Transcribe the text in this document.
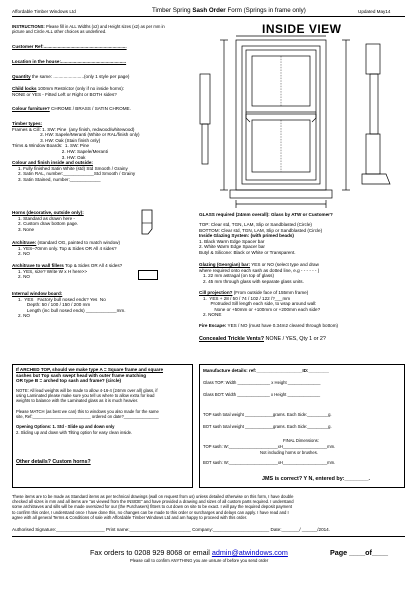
Affordable Timber Windows Ltd	Timber Spring Sash Order Form (Springs in frame only)	Updated May14
INSTRUCTIONS: Please fill in ALL Widths (x2) and Height sizes (x2) as per mm in
picture and Circle ALL other choices as underlined.
Customer Ref:.................................................................
Location in the house:...................................................
Quantity the same: ........................(only 1 style per page)
Child locks 100mm Restrictor (only if no inside horns):
NONE or YES - Fitted Left or Right or BOTH sides?
Colour furniture? CHROME / BRASS / SATIN CHROME.
Timber types:
Frames & Cill: 1. SW: Pine  (any finish, redwood/whitewood)
2. HW: Sapele/Meranti (White or RAL/finish only)
3. HW: Oak (Stain finish only)
Trims & Window Boards:  1. SW: Pine
2. HW: Sapele/Meranti
3. HW: Oak
Colour and finish inside and outside:
1. Fully finished Satin White (std) Std Smooth / Grainy
2. Satin RAL, number:____________Std Smooth / Grainy
3. Satin Stained, number:____________
Horns (decorative, outside only):
1. Standard as drawn here -
2. Custom draw bottom page.
3. None
Architrave: (standard OG, painted to match window)
1. YES–70mm only. Top & Sides OR All 4 sides?
2. NO
Architrave to wall fillers Top & Sides OR All 4 sides?
1. YES, size? Write W x H here>>
2. NO
Internal window board:
1.  YES   Factory bull nosed ends? Yes  No
Depth: 50 / 100 / 150 / 200 mm
Length (inc bull nosed ends) ____________mm.
2. NO
INSIDE VIEW
GLASS required (24mm overall): Glass by ATW or Customer?
TOP: Clear std, TGN, LAM, Slip or Sandblasted (Circle)
BOTTOM: Clear std, TGN, LAM, Slip or Sandblasted (Circle)
Inside Glazing System: (with primed beads)
1. Black Warm Edge Spacer bar
2. White Warm Edge Spacer bar
Butyl & Silicone: Black or White or Transparent.
Glazing (Georgian) bar: YES or NO (select type and draw
where required onto each sash as dotted line, e.g - - - - - - )
1. 22 mm astragal (on top of glass)
2. 45 mm through glass with separate glass units.
Cill projection? (From outside face of 155mm frame)
1.  YES + 28 / 50 / 74 / 102 / 122 /?___mm
Protruded Sill length each side, to wrap around wall:
None or +50mm or +100mm or +200mm each side?
2. NONE
Fire Escape: YES / NO (must have 0.34m2 cleared through bottom)
Concealed Trickle Vents? NONE / YES, Qty 1 or 2?
If ARCHED TOP, should we make type A = Square frame and square
sashes but Top sash swept head with outer frame matching
OR type B = arched top sash and frame? (circle)
NOTE: All lead weights will be made to allow 4-16-4 (24mm over all) glass, if
using Laminated please make sure you tell us where to allow extra for lead
weights to balance with the Laminated glass as it is much heavier.

Please MATCH (as best we can) this to windows you also made for the same
site, Ref:_________________________ ordered on date?_______________

Opening Options: 1. Std - Slide up and down only
2. Sliding up and down with Tilting option for easy clean inside.
Other details? Custom horns?
Manufacture details: ref:__________________ID:________
Glass TOP: Width ______________ x Height ______________
Glass BOT: Width ______________ x Height ______________
TOP sash total weight ____________grams. Each Side:_________g.
BOT sash total weight ____________grams. Each Side:_________g.
FINAL Dimensions:
TOP sash: W:_____________________xH___________________mm.
Not including horns or brushes.
BOT sash: W:_____________________xH___________________mm.
JMS is correct? Y N, entered by:________.
These items are to be made as Standard items as per technical drawings (wall on request from us) unless detailed otherwise on this form, I have double
checked all sizes in mm and all items are "as viewed from the INSIDE" and have provided a drawing and sizes of all custom parts required. I understand
some architraves and sills will be made oversized for our (the Purchasers) fitters to cut down on site to be exact. I will pay the required deposit payment
to confirm this order, I understand once I have done this, no changes can be made to this order or surcharges and delays can apply. I have read and I
agree with all general Terms & Conditions of sale with Affordable Timber Windows Ltd and am happy to proceed with this order.
Authorised Signature:___________________ Print name:________________________ Company:______________________ Date:_______/ ______/2014.
Fax orders to 0208 929 8068 or email admin@atwindows.com	Page ____of____
Please call to confirm ANYTHING you are unsure of before you send order
